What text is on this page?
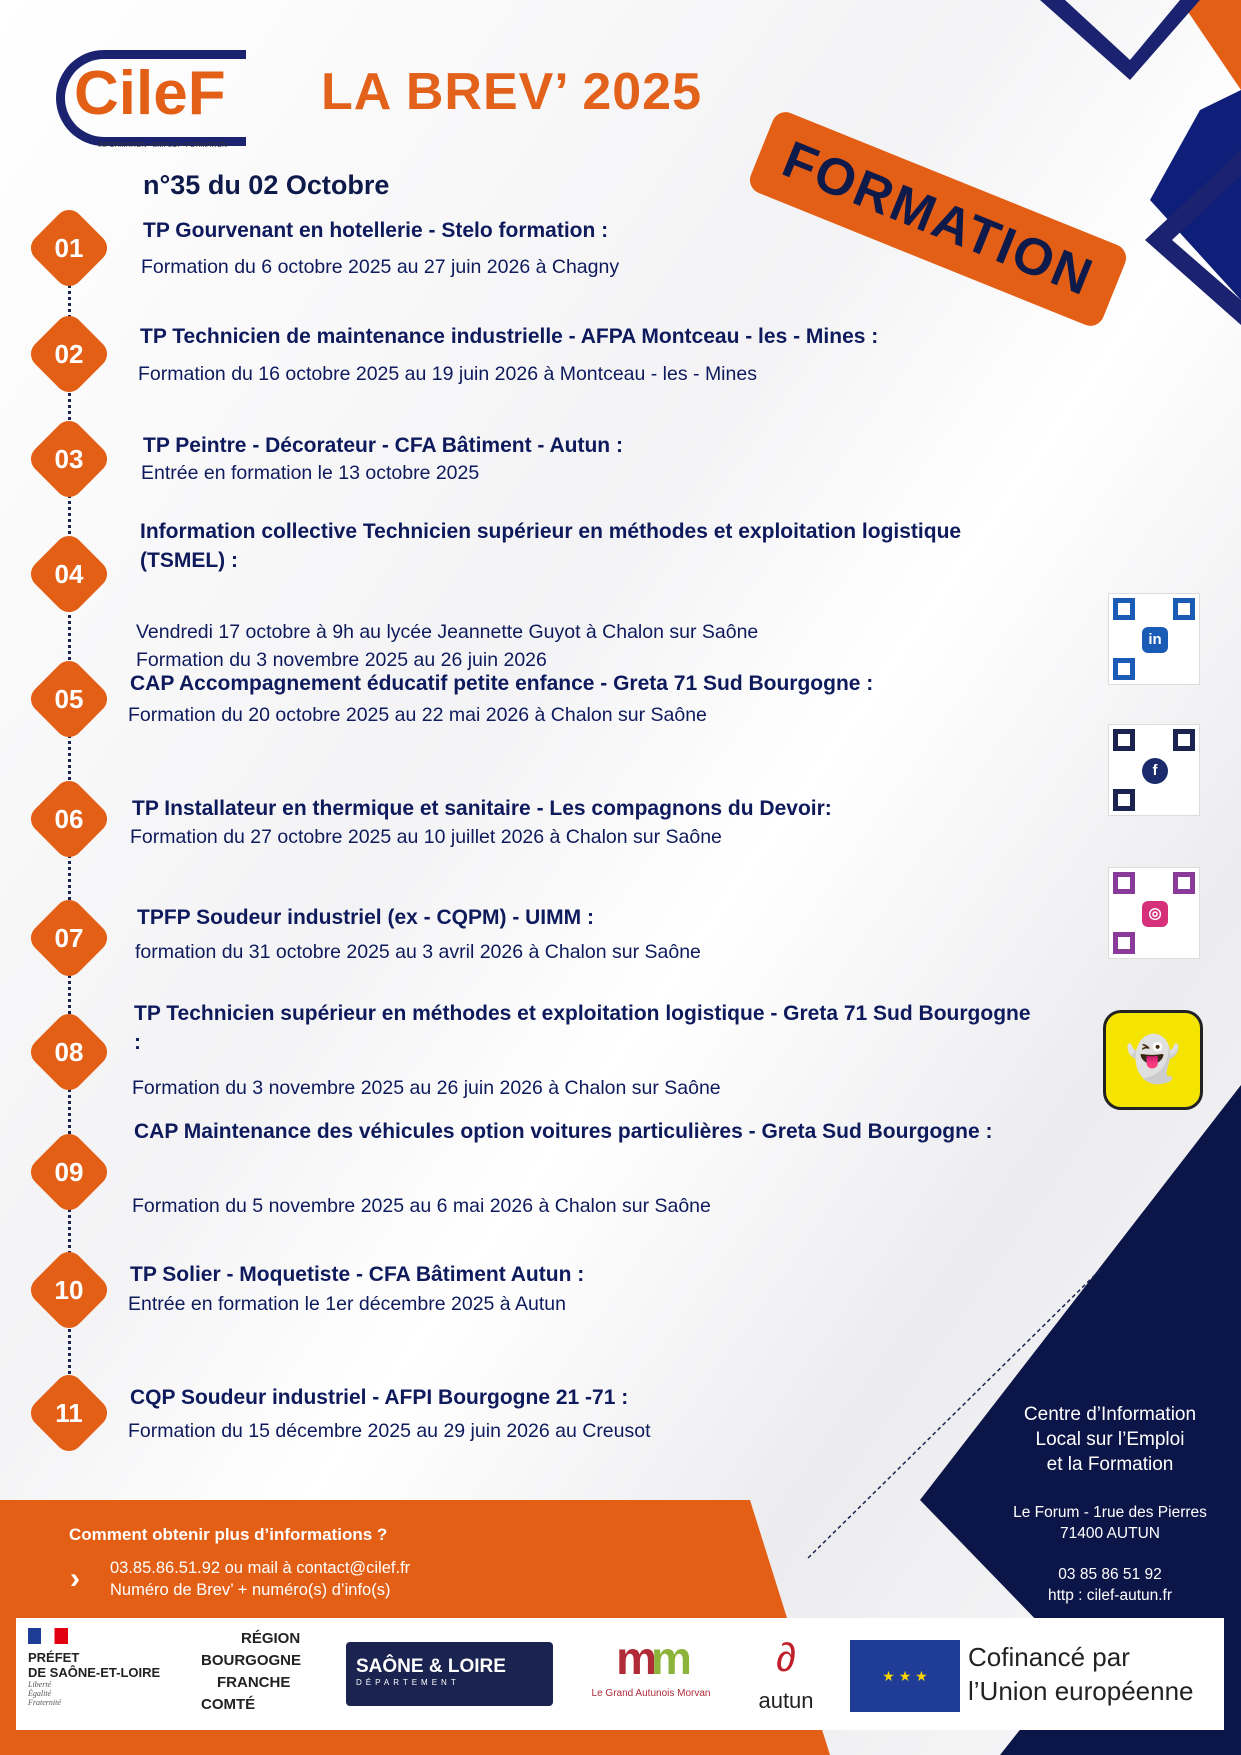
CileF
INFORMATION • EMPLOI • FORMATION
LA BREV’ 2025
FORMATION
n°35 du 02 Octobre
01
TP Gourvenant en hotellerie - Stelo formation :
Formation du 6 octobre 2025 au 27 juin 2026 à Chagny
02
TP Technicien de maintenance industrielle - AFPA Montceau - les - Mines :
Formation du 16 octobre 2025 au 19 juin 2026 à Montceau - les - Mines
03	TP Peintre - Décorateur - CFA Bâtiment - Autun :
Entrée en formation le 13 octobre 2025
04
Information collective Technicien supérieur en méthodes et exploitation logistique (TSMEL) :
Vendredi 17 octobre à 9h au lycée Jeannette Guyot à Chalon sur Saône
Formation du 3 novembre 2025 au 26 juin 2026
05
CAP Accompagnement éducatif petite enfance - Greta 71 Sud Bourgogne :
Formation du 20 octobre 2025 au 22 mai 2026 à Chalon sur Saône
06	TP Installateur en thermique et sanitaire - Les compagnons du Devoir:
Formation du 27 octobre 2025 au 10 juillet 2026 à Chalon sur Saône
07
TPFP Soudeur industriel (ex - CQPM) - UIMM :
formation du 31 octobre 2025 au 3 avril 2026 à Chalon sur Saône
08
TP Technicien supérieur en méthodes et exploitation logistique - Greta 71 Sud Bourgogne :
Formation du 3 novembre 2025 au 26 juin 2026 à Chalon sur Saône
09
CAP Maintenance des véhicules option voitures particulières - Greta Sud Bourgogne :
Formation du 5 novembre 2025 au 6 mai 2026 à Chalon sur Saône
10
TP Solier - Moquetiste - CFA Bâtiment Autun :
Entrée en formation le 1er décembre 2025 à Autun
11
CQP Soudeur industriel - AFPI Bourgogne 21 -71 :
Formation du 15 décembre 2025 au 29 juin 2026 au Creusot
in
f
◎
👻
Centre d’Information
Local sur l’Emploi
et la Formation
Le Forum - 1rue des Pierres
71400 AUTUN
03 85 86 51 92
http : cilef-autun.fr
Comment obtenir plus d’informations ?
› 03.85.86.51.92 ou mail à contact@cilef.fr
Numéro de Brev’ + numéro(s) d’info(s)
PRÉFET
DE SAÔNE-ET-LOIRE
Liberté
Égalité
Fraternité
RÉGION
BOURGOGNE
FRANCHE
COMTÉ
SAÔNE & LOIRE
DÉPARTEMENT	mm
Le Grand Autunois Morvan
∂
autun
★ ★ ★
Cofinancé par
l’Union européenne
